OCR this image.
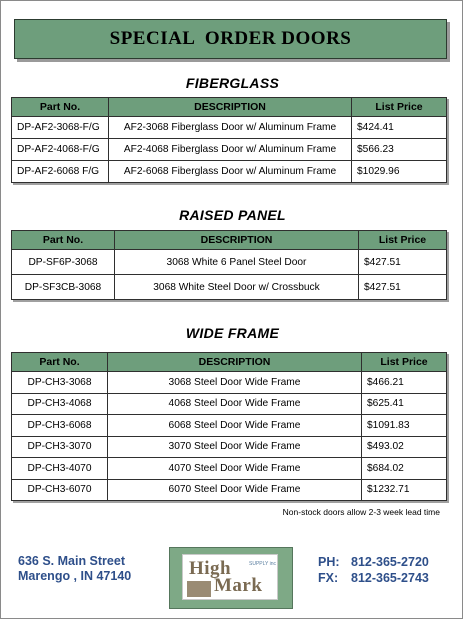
SPECIAL  ORDER DOORS
FIBERGLASS
Part No.	DESCRIPTION	List Price
DP-AF2-3068-F/G	AF2-3068 Fiberglass Door w/ Aluminum Frame	$424.41
DP-AF2-4068-F/G	AF2-4068 Fiberglass Door w/ Aluminum Frame	$566.23
DP-AF2-6068 F/G	AF2-6068 Fiberglass Door w/ Aluminum Frame	$1029.96
RAISED PANEL
Part No.	DESCRIPTION	List Price
DP-SF6P-3068	3068 White 6 Panel Steel Door	$427.51
DP-SF3CB-3068	3068 White Steel Door w/ Crossbuck	$427.51
WIDE FRAME
Part No.	DESCRIPTION	List Price
DP-CH3-3068	3068 Steel Door Wide Frame	$466.21
DP-CH3-4068	4068 Steel Door Wide Frame	$625.41
DP-CH3-6068	6068 Steel Door Wide Frame	$1091.83
DP-CH3-3070	3070 Steel Door Wide Frame	$493.02
DP-CH3-4070	4070 Steel Door Wide Frame	$684.02
DP-CH3-6070	6070 Steel Door Wide Frame	$1232.71
Non-stock doors allow 2-3 week lead time
636 S. Main Street
Marengo , IN 47140	High	SUPPLY inc
Mark
PH: 812-365-2720
FX: 812-365-2743
